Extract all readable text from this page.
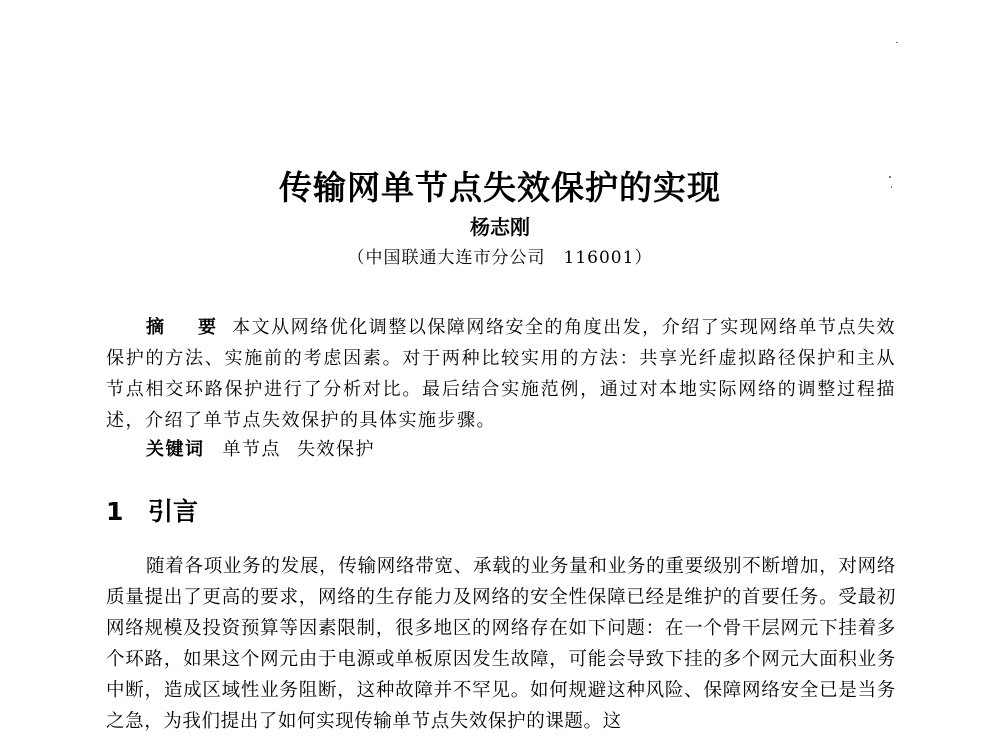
传输网单节点失效保护的实现
杨志刚
（中国联通大连市分公司　116001）

摘　要 本文从网络优化调整以保障网络安全的角度出发，介绍了实现网络单节点失效保护的方法、实施前的考虑因素。对于两种比较实用的方法：共享光纤虚拟路径保护和主从节点相交环路保护进行了分析对比。最后结合实施范例，通过对本地实际网络的调整过程描述，介绍了单节点失效保护的具体实施步骤。

关键词 单节点 失效保护
1 引言

随着各项业务的发展，传输网络带宽、承载的业务量和业务的重要级别不断增加，对网络质量提出了更高的要求，网络的生存能力及网络的安全性保障已经是维护的首要任务。受最初网络规模及投资预算等因素限制，很多地区的网络存在如下问题：在一个骨干层网元下挂着多个环路，如果这个网元由于电源或单板原因发生故障，可能会导致下挂的多个网元大面积业务中断，造成区域性业务阻断，这种故障并不罕见。如何规避这种风险、保障网络安全已是当务之急，为我们提出了如何实现传输单节点失效保护的课题。这
